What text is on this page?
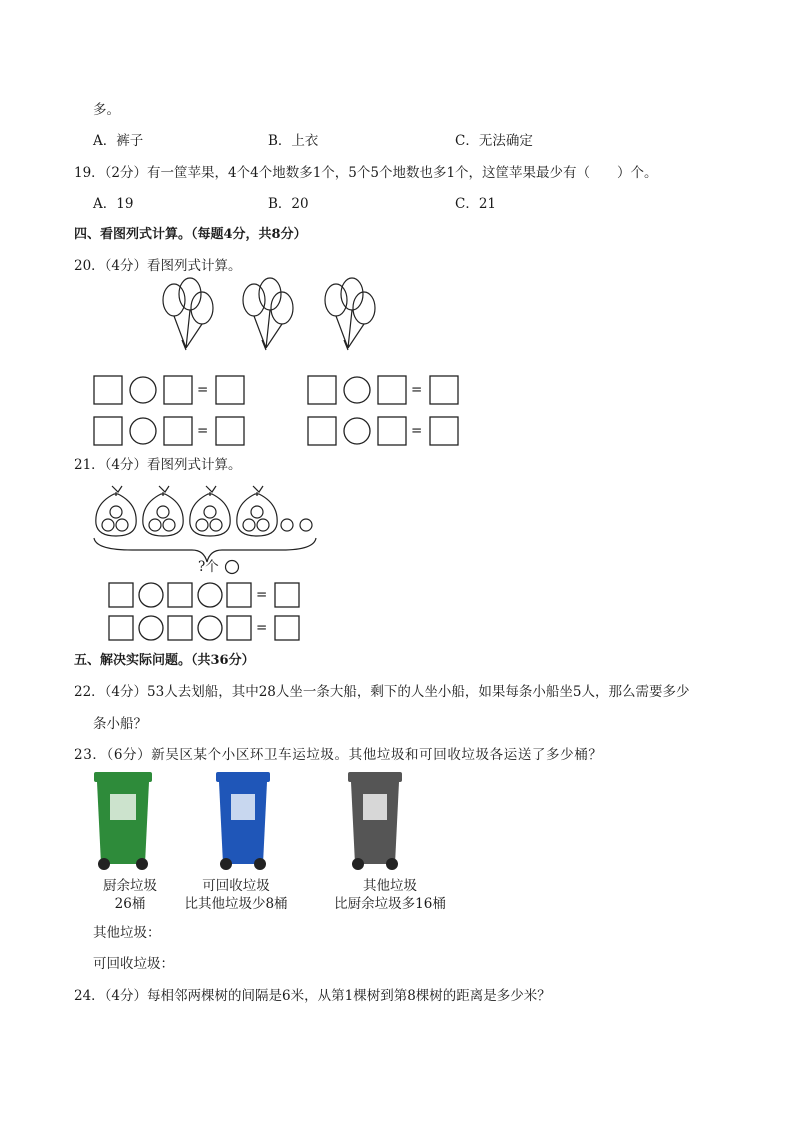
多。
A．裤子	B．上衣	C．无法确定
19．（2分）有一筐苹果，4个4个地数多1个，5个5个地数也多1个，这筐苹果最少有（　　）个。
A．19	B．20	C．21
四、看图列式计算。（每题4分，共8分）
20．（4分）看图列式计算。
=	=
=	=
21．（4分）看图列式计算。
?个
=
=
五、解决实际问题。（共36分）
22．（4分）53人去划船，其中28人坐一条大船，剩下的人坐小船，如果每条小船坐5人，那么需要多少
条小船？
23．（6分）新吴区某个小区环卫车运垃圾。其他垃圾和可回收垃圾各运送了多少桶？
厨余垃圾
26桶
可回收垃圾
比其他垃圾少8桶
其他垃圾
比厨余垃圾多16桶
其他垃圾：
可回收垃圾：
24．（4分）每相邻两棵树的间隔是6米，从第1棵树到第8棵树的距离是多少米？
